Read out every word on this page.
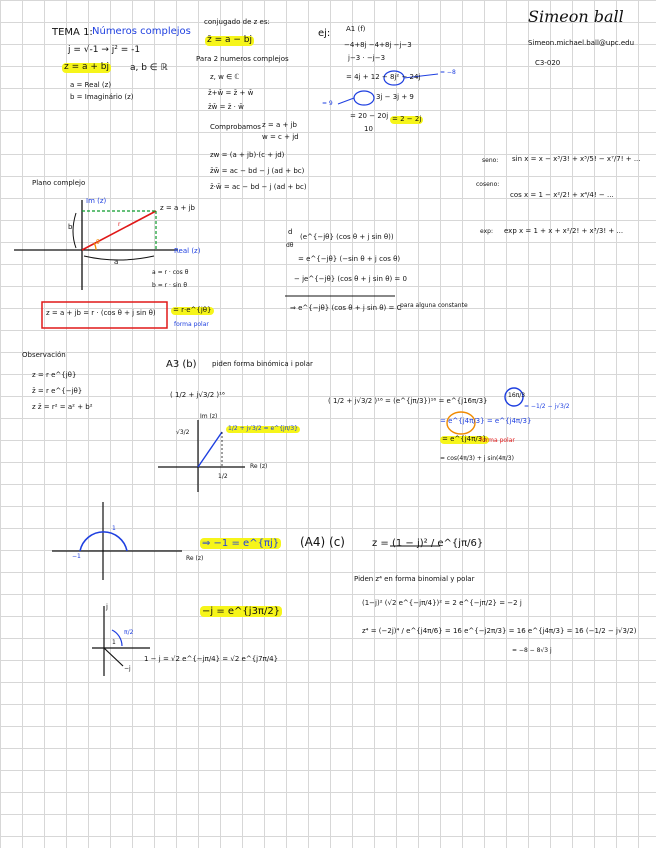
TEMA 1: Números complejos
Simeon ball
Simeon.michael.ball@upc.edu
C3-020
j = √-1 → j² = -1
z = a + bj a, b ∈ ℝ
a = Real (z)
b = Imaginário (z)
conjugado de z es:
z̄ = a − bj
Para 2 numeros complejos
z, w ∈ ℂ
z̄+w̄ = z̄ + w̄
z̄w̄ = z̄ · w̄
Comprobamos z = a + jb
w = c + jd
zw = (a + jb)·(c + jd)
z̄w̄ = ac − bd − j (ad + bc)
z̄·w̄ = ac − bd − j (ad + bc)
ej: A1 (f)
−4+8j −4+8j −j−3
j−3 · −j−3
= 4j + 12 − 8j² − 24j
= −8
3j − 3j + 9
= 9
= 20 − 20j
10
= 2 − 2j
seno: sin x = x − x³/3! + x⁵/5! − x⁷/7! + ...
coseno:
cos x = 1 − x²/2! + x⁴/4! − ...
exp: exp x = 1 + x + x²/2! + x³/3! + ...
Plano complejo
Im (z)
Real (z)
z = a + jb
b
a
θ
r
a = r · cos θ
b = r · sin θ
z = a + jb = r · (cos θ + j sin θ) = r·e^{jθ}
forma polar
d
dθ
(e^{−jθ} (cos θ + j sin θ))
= e^{−jθ} (−sin θ + j cos θ)
− je^{−jθ} (cos θ + j sin θ) = 0
⇒ e^{−jθ} (cos θ + j sin θ) = C
para alguna constante
Observación
z = r e^{jθ}
z̄ = r e^{−jθ}
z z̄ = r² = a² + b²
A3 (b) piden forma binómica i polar
( 1/2 + j√3/2 )¹⁶
Im (z)
Re (z)
√3/2
1/2
1/2 + j√3/2 = e^{jπ/3}
( 1/2 + j√3/2 )¹⁶ = (e^{jπ/3})¹⁶ = e^{j16π/3}
= e^{j4π/3} = e^{j4π/3}
= e^{j4π/3}
forma polar
= cos(4π/3) + j sin(4π/3)
= −1/2 − j√3/2
16π/3
Re (z)
−1
1
⇒ −1 = e^{πj} (A4) (c)	z = (1 − j)² / e^{jπ/6}
Piden z⁴ en forma binomial y polar
(1−j)² (√2 e^{−jπ/4})² = 2 e^{−jπ/2} = −2 j
z⁴ = (−2j)⁴ / e^{j4π/6} = 16 e^{−j2π/3} = 16 e^{j4π/3} = 16 (−1/2 − j√3/2)
= −8 − 8√3 j
j
π/2
−j = e^{j3π/2}
1 − j = √2 e^{−jπ/4} = √2 e^{j7π/4}
1
−j
